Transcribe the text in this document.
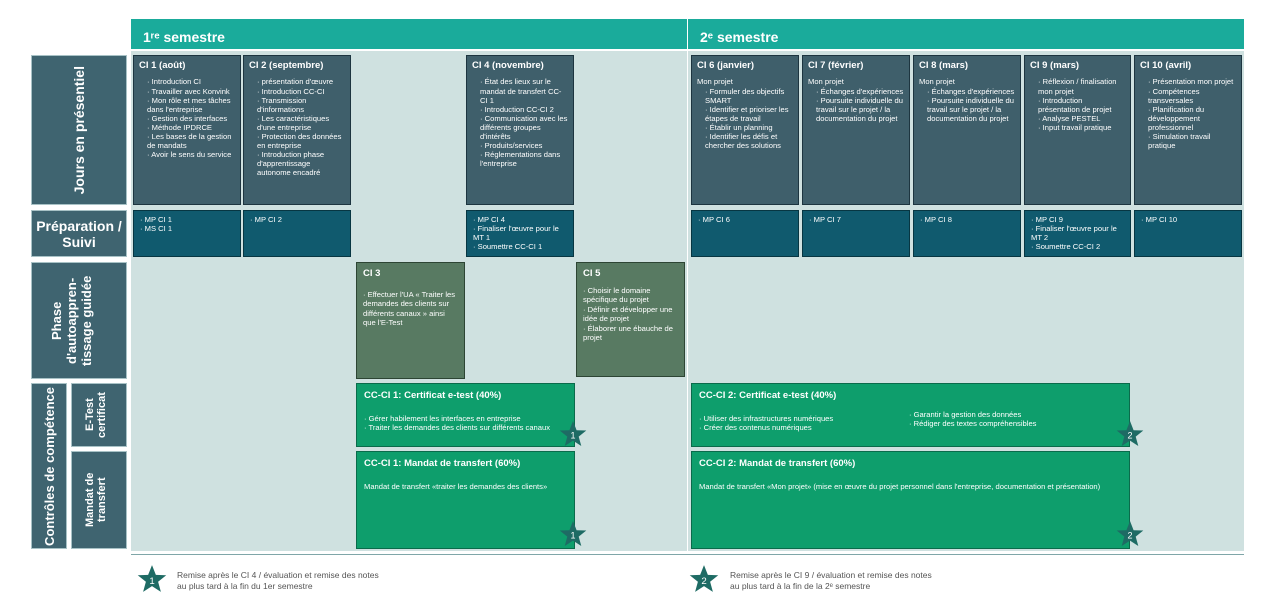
1ʳᵉ semestre	2ᵉ semestre
Jours en présentiel
Préparation / Suivi
Phase d'autoappren-tissage guidée
Contrôles de compétence	E-Test certificat
Mandat de transfert
CI 1 (août)
· Introduction CI
· Travailler avec Konvink
· Mon rôle et mes tâches dans l'entreprise
· Gestion des interfaces
· Méthode IPDRCE
· Les bases de la gestion de mandats
· Avoir le sens du service
CI 2 (septembre)
· présentation d'œuvre
· Introduction CC-CI
· Transmission d'informations
· Les caractéristiques d'une entreprise
· Protection des données en entreprise
· Introduction phase d'apprentissage autonome encadré
CI 4 (novembre)
· État des lieux sur le mandat de transfert CC-CI 1
· Introduction CC-CI 2
· Communication avec les différents groupes d'intérêts
· Produits/services
· Réglementations dans l'entreprise
CI 6 (janvier)

Mon projet

· Formuler des objectifs SMART
· Identifier et prioriser les étapes de travail
· Établir un planning
· Identifier les défis et chercher des solutions
CI 7 (février)

Mon projet

· Échanges d'expériences
· Poursuite individuelle du travail sur le projet / la documentation du projet
CI 8 (mars)

Mon projet

· Échanges d'expériences
· Poursuite individuelle du travail sur le projet / la documentation du projet
CI 9 (mars)
· Réflexion / finalisation mon projet
· Introduction présentation de projet
· Analyse PESTEL
· Input travail pratique
CI 10 (avril)
· Présentation mon projet
· Compétences transversales
· Planification du développement professionnel
· Simulation travail pratique
· MP CI 1
· MS CI 1
· MP CI 2	· MP CI 4
· Finaliser l'œuvre pour le MT 1
· Soumettre CC-CI 1
· MP CI 6	· MP CI 7	· MP CI 8	· MP CI 9
· Finaliser l'œuvre pour le MT 2
· Soumettre CC-CI 2
· MP CI 10
CI 3
· Effectuer l'UA « Traiter les demandes des clients sur différents canaux » ainsi que l'E-Test
CI 5
· Choisir le domaine spécifique du projet
· Définir et développer une idée de projet
· Élaborer une ébauche de projet
CC-CI 1: Certificat e-test (40%)
· Gérer habilement les interfaces en entreprise
· Traiter les demandes des clients sur différents canaux
CC-CI 2: Certificat e-test (40%)
· Utiliser des infrastructures numériques
· Créer des contenus numériques
· Garantir la gestion des données
· Rédiger des textes compréhensibles
CC-CI 1: Mandat de transfert (60%)

Mandat de transfert «traiter les demandes des clients»

CC-CI 2: Mandat de transfert (60%)

Mandat de transfert «Mon projet» (mise en œuvre du projet personnel dans l'entreprise, documentation et présentation)

1
1
2
2
1
Remise après le CI 4 / évaluation et remise des notes
au plus tard à la fin du 1er semestre	2
Remise après le CI 9 / évaluation et remise des notes
au plus tard à la fin de la 2ᵉ semestre
